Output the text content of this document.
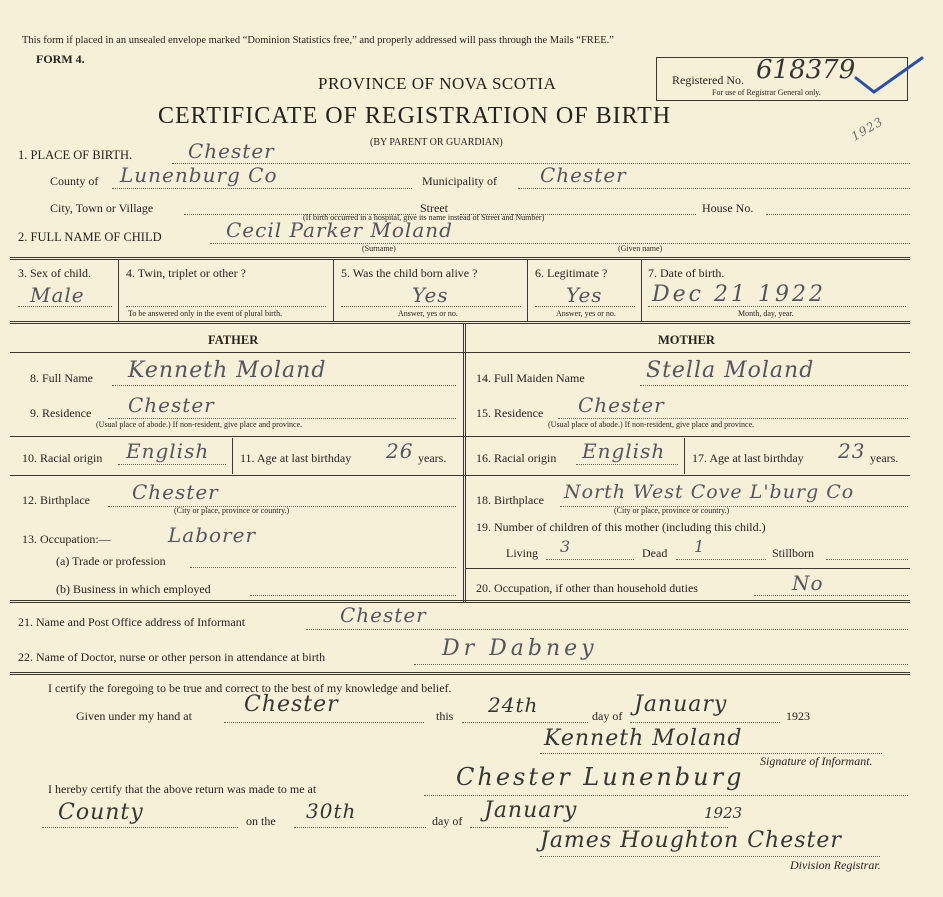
This form if placed in an unsealed envelope marked “Dominion Statistics free,” and properly addressed will pass through the Mails “FREE.”
FORM 4.
PROVINCE OF NOVA SCOTIA
CERTIFICATE OF REGISTRATION OF BIRTH
(BY PARENT OR GUARDIAN)
Registered No. 618379
For use of Registrar General only.
1923
1. PLACE OF BIRTH.	Chester
County of Lunenburg Co	Municipality of Chester
City, Town or Village	Street	House No.
(If birth occurred in a hospital, give its name instead of Street and Number)
2. FULL NAME OF CHILD	Cecil Parker Moland
(Surname)	(Given name)
3. Sex of child.
Male
4. Twin, triplet or other ?
To be answered only in the event of plural birth.
5. Was the child born alive ?
Yes
Answer, yes or no.
6. Legitimate ?
Yes
Answer, yes or no.
7. Date of birth.
Dec 21 1922
Month, day, year.
FATHER	MOTHER
8. Full Name Kenneth Moland
9. Residence Chester
(Usual place of abode.) If non-resident, give place and province.
10. Racial origin English	11. Age at last birthday 26 years. 16. Racial origin English 17. Age at last birthday 23 years.
12. Birthplace Chester
(City or place, province or country.)
13. Occupation:—	Laborer
(a) Trade or profession
(b) Business in which employed
14. Full Maiden Name	Stella Moland
15. Residence Chester
(Usual place of abode.) If non-resident, give place and province.
18. Birthplace North West Cove L'burg Co
(City or place, province or country.)
19. Number of children of this mother (including this child.)
Living 3	Dead 1	Stillborn
20. Occupation, if other than household duties	No
21. Name and Post Office address of Informant	Chester
22. Name of Doctor, nurse or other person in attendance at birth	Dr Dabney
I certify the foregoing to be true and correct to the best of my knowledge and belief.
Given under my hand at Chester	this 24th	day of January	1923
Kenneth Moland
Signature of Informant.
I hereby certify that the above return was made to me at	Chester Lunenburg
County	on the 30th	day of January	1923
James Houghton Chester
Division Registrar.
